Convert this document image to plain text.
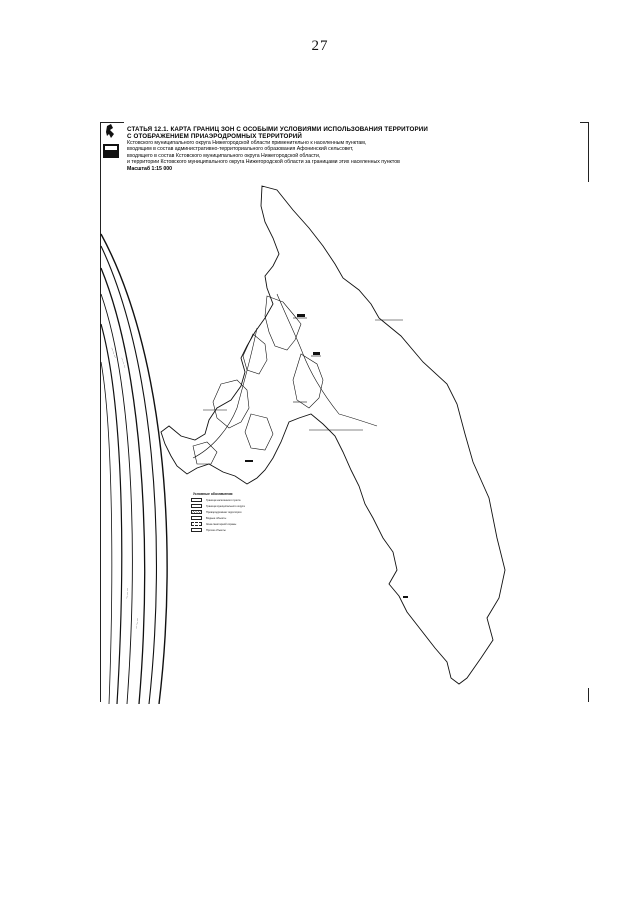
27
— — —
— — —
— — —
— — —
СТАТЬЯ 12.1. КАРТА ГРАНИЦ ЗОН С ОСОБЫМИ УСЛОВИЯМИ ИСПОЛЬЗОВАНИЯ ТЕРРИТОРИИ
С ОТОБРАЖЕНИЕМ ПРИАЭРОДРОМНЫХ ТЕРРИТОРИЙ
Кстовского муниципального округа Нижегородской области применительно к населенным пунктам,
входящим в состав административно-территориального образования Афонинский сельсовет,
входящего в состав Кстовского муниципального округа Нижегородской области,
и территории Кстовского муниципального округа Нижегородской области за границами этих населенных пунктов
Масштаб 1:15 000
Условные обозначения
Граница населенного пункта
Граница муниципального округа
Приаэродромная территория
Водные объекты
Зона санитарной охраны
Прочие объекты
